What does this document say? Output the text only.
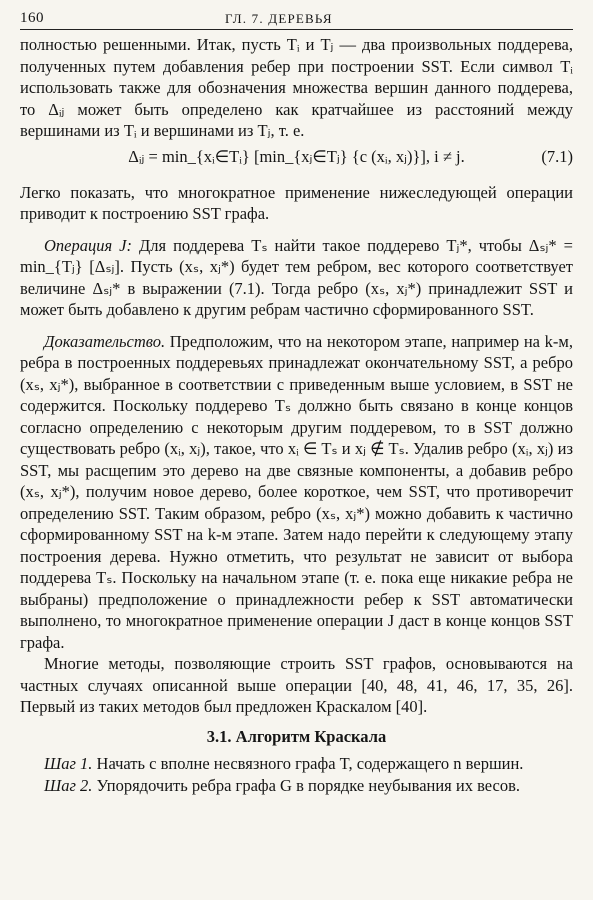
160	ГЛ. 7. ДЕРЕВЬЯ

полностью решенными. Итак, пусть Tᵢ и Tⱼ — два произвольных поддерева, полученных путем добавления ребер при построении SST. Если символ Tᵢ использовать также для обозначения множества вершин данного поддерева, то Δᵢⱼ может быть определено как кратчайшее из расстояний между вершинами из Tᵢ и вершинами из Tⱼ, т. е.

Δᵢⱼ = min_{xᵢ∈Tᵢ} [min_{xⱼ∈Tⱼ} {c (xᵢ, xⱼ)}], i ≠ j.	(7.1)

Легко показать, что многократное применение нижеследующей операции приводит к построению SST графа.

Операция J: Для поддерева Tₛ найти такое поддерево Tⱼ*, чтобы Δₛⱼ* = min_{Tⱼ} [Δₛⱼ]. Пусть (xₛ, xⱼ*) будет тем ребром, вес которого соответствует величине Δₛⱼ* в выражении (7.1). Тогда ребро (xₛ, xⱼ*) принадлежит SST и может быть добавлено к другим ребрам частично сформированного SST.

Доказательство. Предположим, что на некотором этапе, например на k-м, ребра в построенных поддеревьях принадлежат окончательному SST, а ребро (xₛ, xⱼ*), выбранное в соответствии с приведенным выше условием, в SST не содержится. Поскольку поддерево Tₛ должно быть связано в конце концов согласно определению с некоторым другим поддеревом, то в SST должно существовать ребро (xᵢ, xⱼ), такое, что xᵢ ∈ Tₛ и xⱼ ∉ Tₛ. Удалив ребро (xᵢ, xⱼ) из SST, мы расщепим это дерево на две связные компоненты, а добавив ребро (xₛ, xⱼ*), получим новое дерево, более короткое, чем SST, что противоречит определению SST. Таким образом, ребро (xₛ, xⱼ*) можно добавить к частично сформированному SST на k-м этапе. Затем надо перейти к следующему этапу построения дерева. Нужно отметить, что результат не зависит от выбора поддерева Tₛ. Поскольку на начальном этапе (т. е. пока еще никакие ребра не выбраны) предположение о принадлежности ребер к SST автоматически выполнено, то многократное применение операции J даст в конце концов SST графа.

Многие методы, позволяющие строить SST графов, основываются на частных случаях описанной выше операции [40, 48, 41, 46, 17, 35, 26]. Первый из таких методов был предложен Краскалом [40].

3.1. Алгоритм Краскала

Шаг 1. Начать с вполне несвязного графа T, содержащего n вершин.

Шаг 2. Упорядочить ребра графа G в порядке неубывания их весов.
